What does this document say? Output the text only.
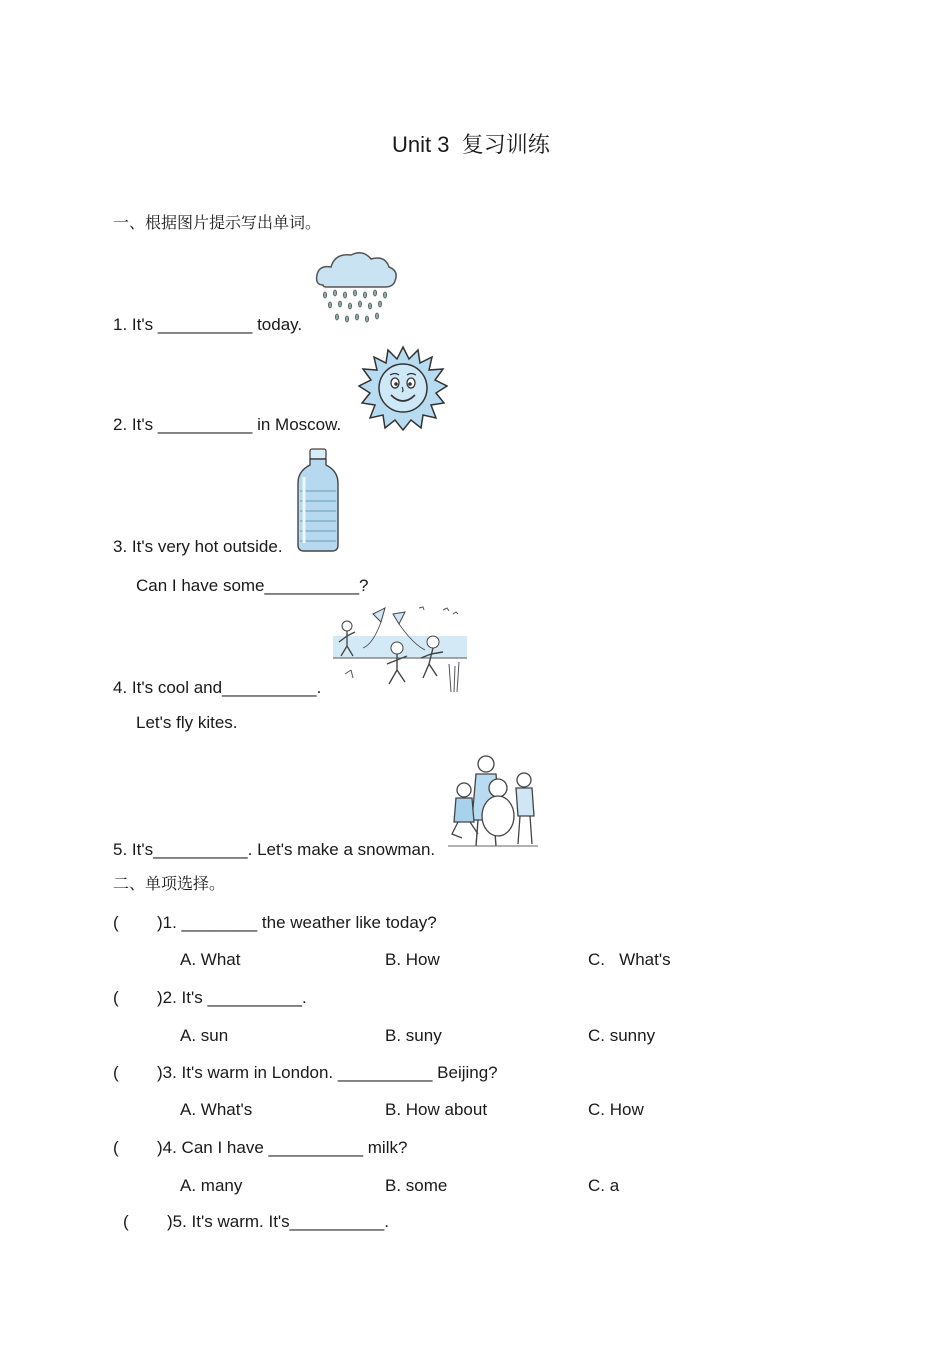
Unit 3  复习训练
一、根据图片提示写出单词。
1. It's __________ today.
2. It's __________ in Moscow.
3. It's very hot outside.
Can I have some__________?
4. It's cool and__________.
Let's fly kites.
5. It's__________. Let's make a snowman.
二、单项选择。
( )1. ________ the weather like today?
A. What	B. How	C.   What's
( )2. It's __________.
A. sun	B. suny	C. sunny
( )3. It's warm in London. __________ Beijing?
A. What's	B. How about	C. How
( )4. Can I have __________ milk?
A. many	B. some	C. a
( )5. It's warm. It's__________.
